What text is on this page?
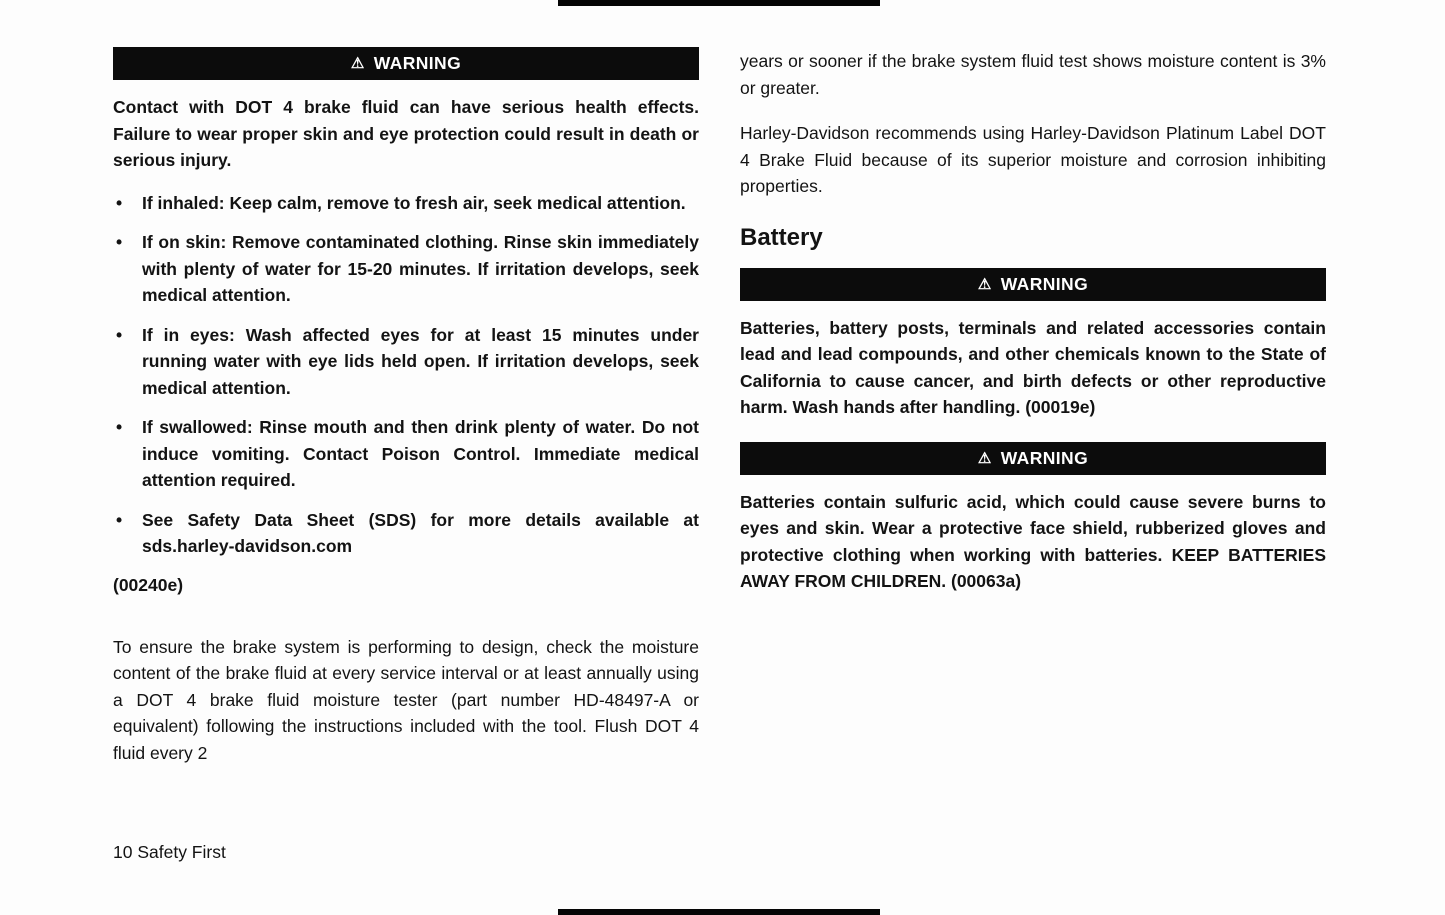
⚠ WARNING

Contact with DOT 4 brake fluid can have serious health effects. Failure to wear proper skin and eye protection could result in death or serious injury.

• If inhaled: Keep calm, remove to fresh air, seek medical attention.
• If on skin: Remove contaminated clothing. Rinse skin immediately with plenty of water for 15-20 minutes. If irritation develops, seek medical attention.
• If in eyes: Wash affected eyes for at least 15 minutes under running water with eye lids held open. If irritation develops, seek medical attention.
• If swallowed: Rinse mouth and then drink plenty of water. Do not induce vomiting. Contact Poison Control. Immediate medical attention required.
• See Safety Data Sheet (SDS) for more details available at sds.harley-davidson.com

(00240e)

To ensure the brake system is performing to design, check the moisture content of the brake fluid at every service interval or at least annually using a DOT 4 brake fluid moisture tester (part number HD-48497-A or equivalent) following the instructions included with the tool. Flush DOT 4 fluid every 2

years or sooner if the brake system fluid test shows moisture content is 3% or greater.

Harley-Davidson recommends using Harley-Davidson Platinum Label DOT 4 Brake Fluid because of its superior moisture and corrosion inhibiting properties.

Battery
⚠ WARNING

Batteries, battery posts, terminals and related accessories contain lead and lead compounds, and other chemicals known to the State of California to cause cancer, and birth defects or other reproductive harm. Wash hands after handling. (00019e)

⚠ WARNING

Batteries contain sulfuric acid, which could cause severe burns to eyes and skin. Wear a protective face shield, rubberized gloves and protective clothing when working with batteries. KEEP BATTERIES AWAY FROM CHILDREN. (00063a)

10 Safety First
